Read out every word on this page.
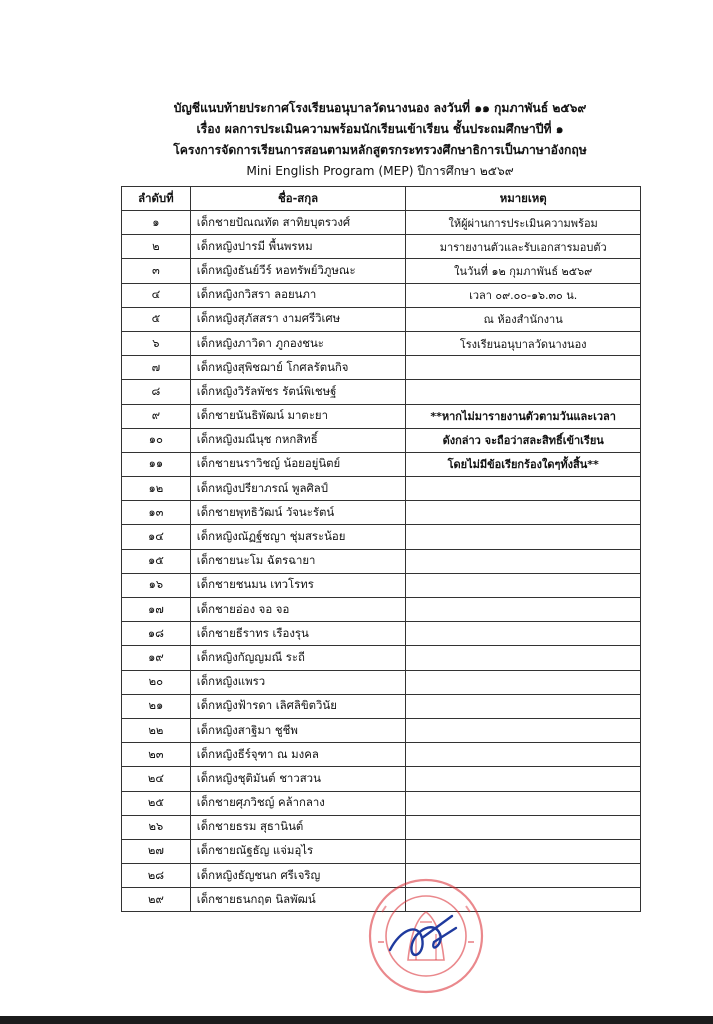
บัญชีแนบท้ายประกาศโรงเรียนอนุบาลวัดนางนอง ลงวันที่ ๑๑ กุมภาพันธ์ ๒๕๖๙
เรื่อง ผลการประเมินความพร้อมนักเรียนเข้าเรียน ชั้นประถมศึกษาปีที่ ๑
โครงการจัดการเรียนการสอนตามหลักสูตรกระทรวงศึกษาธิการเป็นภาษาอังกฤษ
Mini English Program (MEP) ปีการศึกษา ๒๕๖๙
ลำดับที่	ชื่อ-สกุล	หมายเหตุ
๑	เด็กชายปัณณทัต สาทิยบุตรวงศ์	ให้ผู้ผ่านการประเมินความพร้อม
๒	เด็กหญิงปารมี พื้นพรหม	มารายงานตัวและรับเอกสารมอบตัว
๓	เด็กหญิงธันย์วีร์ หอทรัพย์วิภูษณะ	ในวันที่ ๑๒ กุมภาพันธ์ ๒๕๖๙
๔	เด็กหญิงกวิสรา ลอยนภา	เวลา ๐๙.๐๐-๑๖.๓๐ น.
๕	เด็กหญิงสุภัสสรา งามศรีวิเศษ	ณ ห้องสำนักงาน
๖	เด็กหญิงภาวิดา ภูกองชนะ	โรงเรียนอนุบาลวัดนางนอง
๗	เด็กหญิงสุพิชฌาย์ โกศลรัตนกิจ	
๘	เด็กหญิงวิรัลพัชร รัตน์พิเชษฐ์	
๙	เด็กชายนันธิพัฒน์ มาตะยา	**หากไม่มารายงานตัวตามวันและเวลา
๑๐	เด็กหญิงมณีนุช กหกสิทธิ์	ดังกล่าว จะถือว่าสละสิทธิ์เข้าเรียน
๑๑	เด็กชายนราวิชญ์ น้อยอยู่นิตย์	โดยไม่มีข้อเรียกร้องใดๆทั้งสิ้น**
๑๒	เด็กหญิงปรียาภรณ์ พูลศิลป์	
๑๓	เด็กชายพุทธิวัฒน์ วัจนะรัตน์	
๑๔	เด็กหญิงณัฏฐ์ชญา ชุ่มสระน้อย	
๑๕	เด็กชายนะโม ฉัตรฉายา	
๑๖	เด็กชายชนมน เทวโรทร	
๑๗	เด็กชายอ่อง จอ จอ	
๑๘	เด็กชายธีราทร เรืองรุน	
๑๙	เด็กหญิงกัญญมณี ระถี	
๒๐	เด็กหญิงแพรว	
๒๑	เด็กหญิงฟ้ารดา เลิศลิขิตวินัย	
๒๒	เด็กหญิงสาฐิมา ชูชีพ	
๒๓	เด็กหญิงธีร์จุฑา ณ มงคล	
๒๔	เด็กหญิงชุติมันต์ ชาวสวน	
๒๕	เด็กชายศุภวิชญ์ คล้ากลาง	
๒๖	เด็กชายธรม สุธานินต์	
๒๗	เด็กชายณัฐธัญ แจ่มอุไร	
๒๘	เด็กหญิงธัญชนก ศรีเจริญ	
๒๙	เด็กชายธนกฤต นิลพัฒน์	
